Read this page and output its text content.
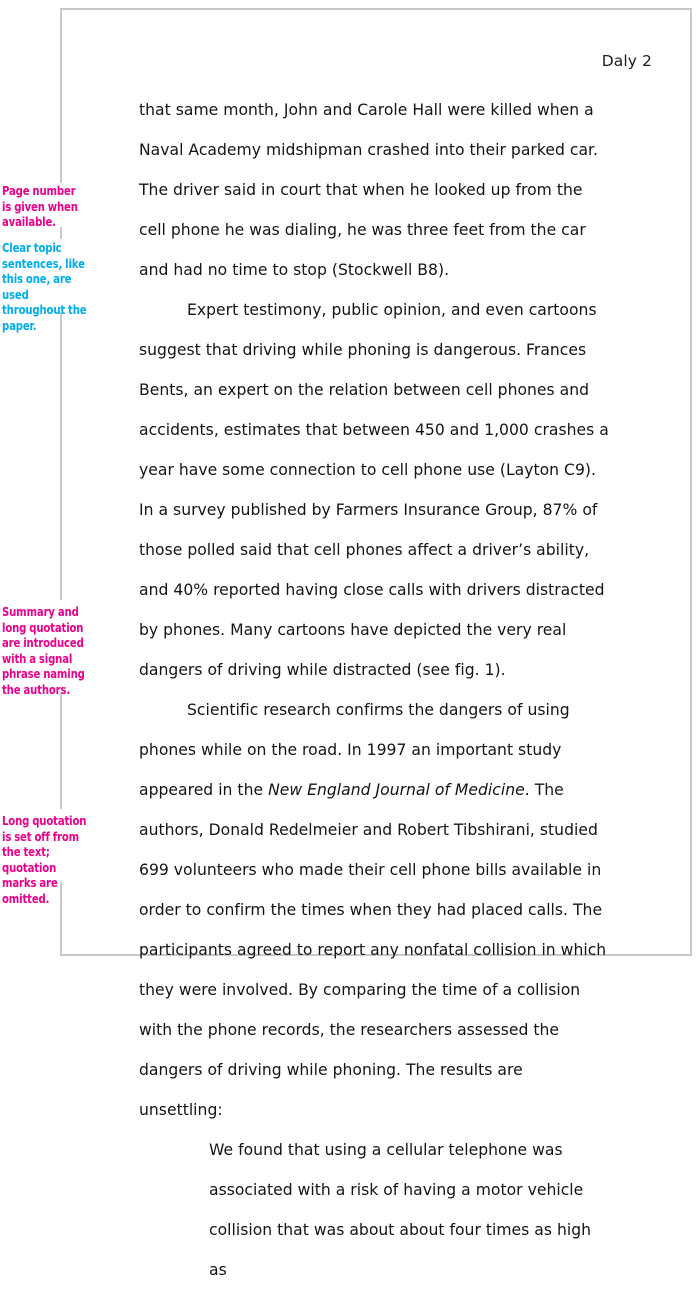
Daly 2

that same month, John and Carole Hall were killed when a Naval Academy midshipman crashed into their parked car. The driver said in court that when he looked up from the cell phone he was dialing, he was three feet from the car and had no time to stop (Stockwell B8).

Expert testimony, public opinion, and even cartoons suggest that driving while phoning is dangerous. Frances Bents, an expert on the relation between cell phones and accidents, estimates that between 450 and 1,000 crashes a year have some connection to cell phone use (Layton C9). In a survey published by Farmers Insurance Group, 87% of those polled said that cell phones affect a driver’s ability, and 40% reported having close calls with drivers distracted by phones. Many cartoons have depicted the very real dangers of driving while distracted (see fig. 1).

Scientific research confirms the dangers of using phones while on the road. In 1997 an important study appeared in the New England Journal of Medicine. The authors, Donald Redelmeier and Robert Tibshirani, studied 699 volunteers who made their cell phone bills available in order to confirm the times when they had placed calls. The participants agreed to report any nonfatal collision in which they were involved. By comparing the time of a collision with the phone records, the researchers assessed the dangers of driving while phoning. The results are unsettling:

We found that using a cellular telephone was associated with a risk of having a motor vehicle collision that was about about four times as high as

Page number is given when available.
Clear topic sentences, like this one, are used throughout the paper.
Summary and long quotation are introduced with a signal phrase naming the authors.
Long quotation is set off from the text; quotation marks are omitted.
